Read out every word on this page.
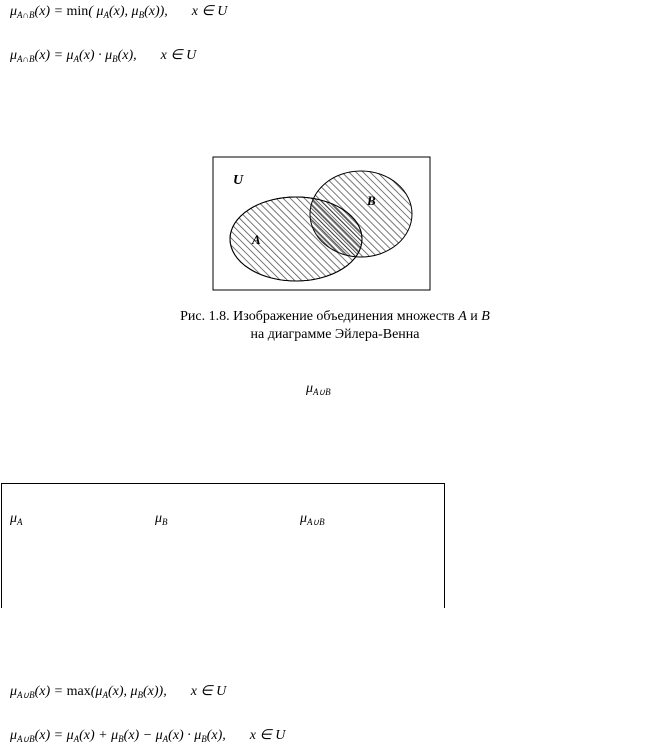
$\mu_{A\cap B}(x) = \min$( $\mu_A(x)$, $\mu_B(x)$), x ∈ U
$\mu_{A\cap B}(x) = \mu_A(x) \cdot \mu_B(x)$, x ∈ U
U
A
B
Рис. 1.8. Изображение объединения множеств A и B
на диаграмме Эйлера-Венна
$\mu_{A\cup B}$
$\mu_A$	$\mu_B$	$\mu_{A\cup B}$
$\mu_{A\cup B}(x) = \max(\mu_A(x)$, $\mu_B(x)$), x ∈ U
$\mu_{A\cup B}(x) = \mu_A(x) + \mu_B(x) - \mu_A(x) \cdot \mu_B(x)$, x ∈ U
